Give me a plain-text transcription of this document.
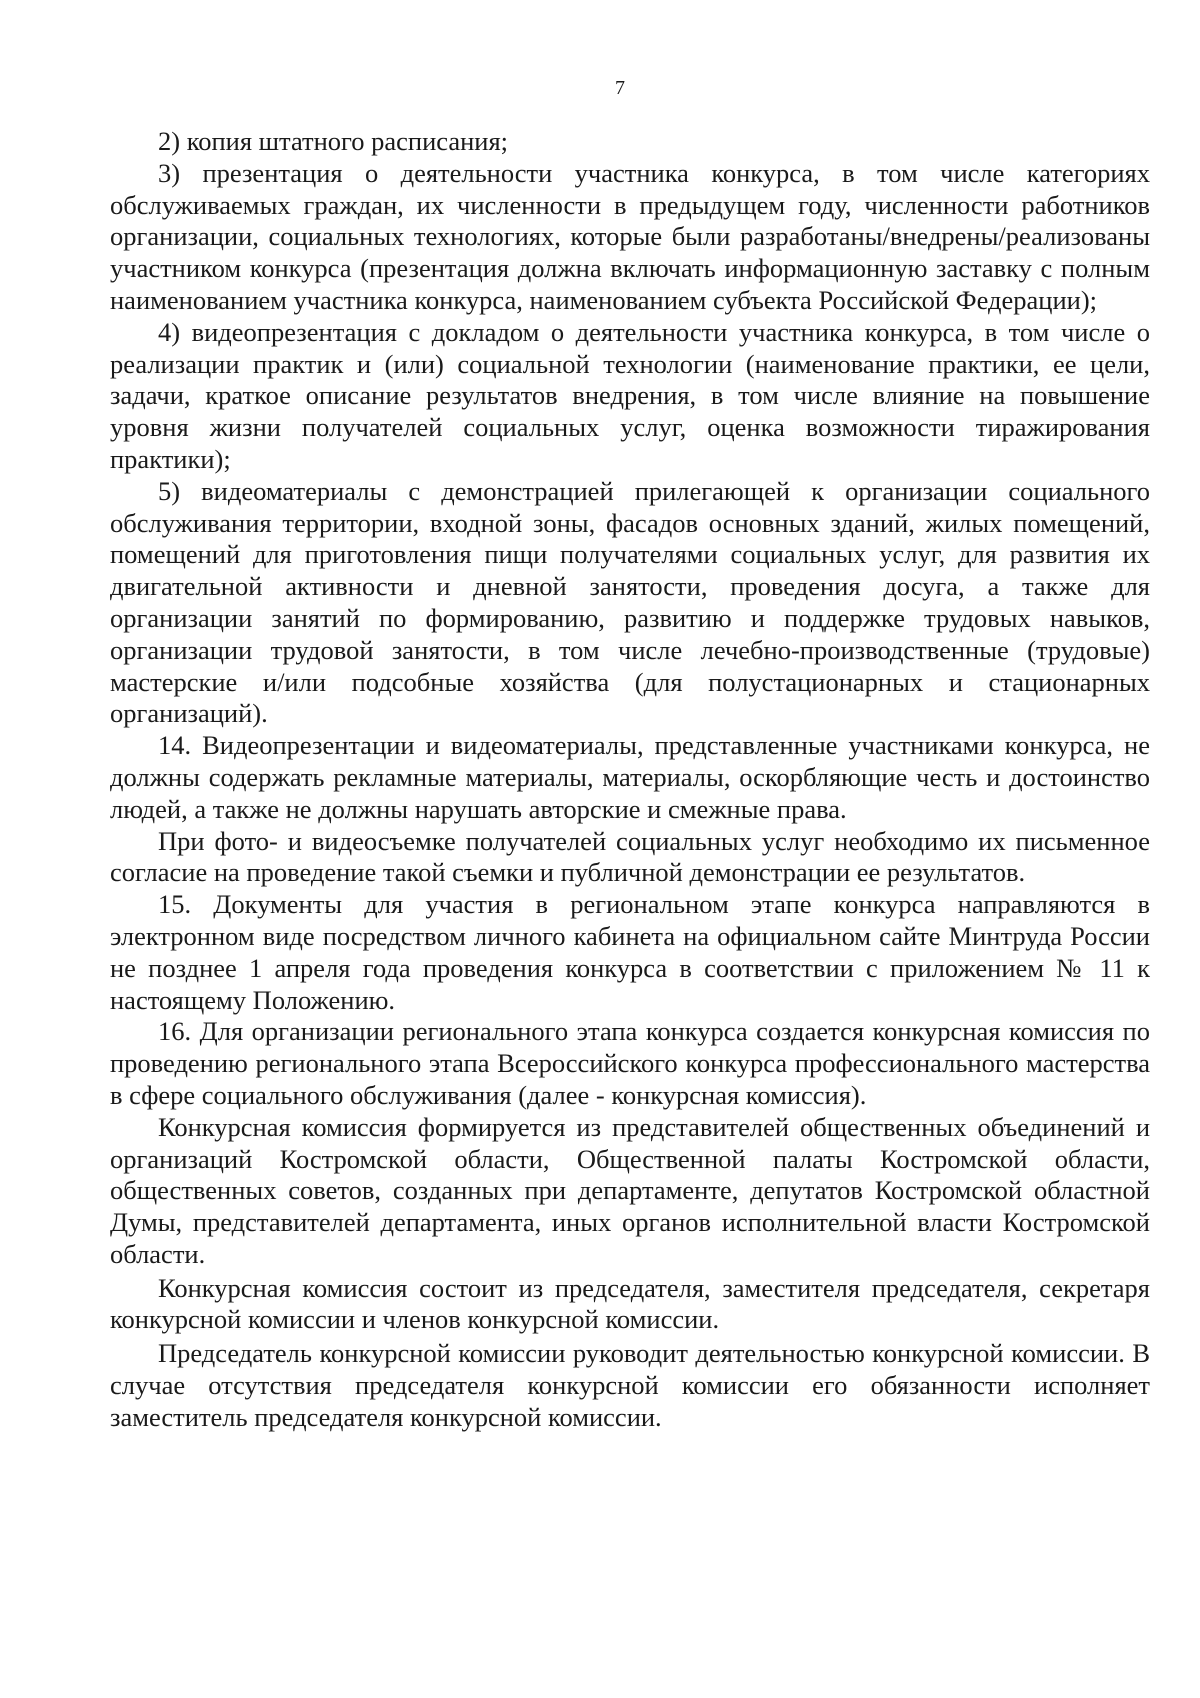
7

2) копия штатного расписания;

3) презентация о деятельности участника конкурса, в том числе категориях обслуживаемых граждан, их численности в предыдущем году, численности работников организации, социальных технологиях, которые были разработаны/внедрены/реализованы участником конкурса (презентация должна включать информационную заставку с полным наименованием участника конкурса, наименованием субъекта Российской Федерации);

4) видеопрезентация с докладом о деятельности участника конкурса, в том числе о реализации практик и (или) социальной технологии (наименование практики, ее цели, задачи, краткое описание результатов внедрения, в том числе влияние на повышение уровня жизни получателей социальных услуг, оценка возможности тиражирования практики);

5) видеоматериалы с демонстрацией прилегающей к организации социального обслуживания территории, входной зоны, фасадов основных зданий, жилых помещений, помещений для приготовления пищи получателями социальных услуг, для развития их двигательной активности и дневной занятости, проведения досуга, а также для организации занятий по формированию, развитию и поддержке трудовых навыков, организации трудовой занятости, в том числе лечебно-производственные (трудовые) мастерские и/или подсобные хозяйства (для полустационарных и стационарных организаций).

14. Видеопрезентации и видеоматериалы, представленные участниками конкурса, не должны содержать рекламные материалы, материалы, оскорбляющие честь и достоинство людей, а также не должны нарушать авторские и смежные права.

При фото- и видеосъемке получателей социальных услуг необходимо их письменное согласие на проведение такой съемки и публичной демонстрации ее результатов.

15. Документы для участия в региональном этапе конкурса направляются в электронном виде посредством личного кабинета на официальном сайте Минтруда России не позднее 1 апреля года проведения конкурса в соответствии с приложением № 11 к настоящему Положению.

16. Для организации регионального этапа конкурса создается конкурсная комиссия по проведению регионального этапа Всероссийского конкурса профессионального мастерства в сфере социального обслуживания (далее - конкурсная комиссия).

Конкурсная комиссия формируется из представителей общественных объединений и организаций Костромской области, Общественной палаты Костромской области, общественных советов, созданных при департаменте, депутатов Костромской областной Думы, представителей департамента, иных органов исполнительной власти Костромской области.

Конкурсная комиссия состоит из председателя, заместителя председателя, секретаря конкурсной комиссии и членов конкурсной комиссии.

Председатель конкурсной комиссии руководит деятельностью конкурсной комиссии. В случае отсутствия председателя конкурсной комиссии его обязанности исполняет заместитель председателя конкурсной комиссии.
